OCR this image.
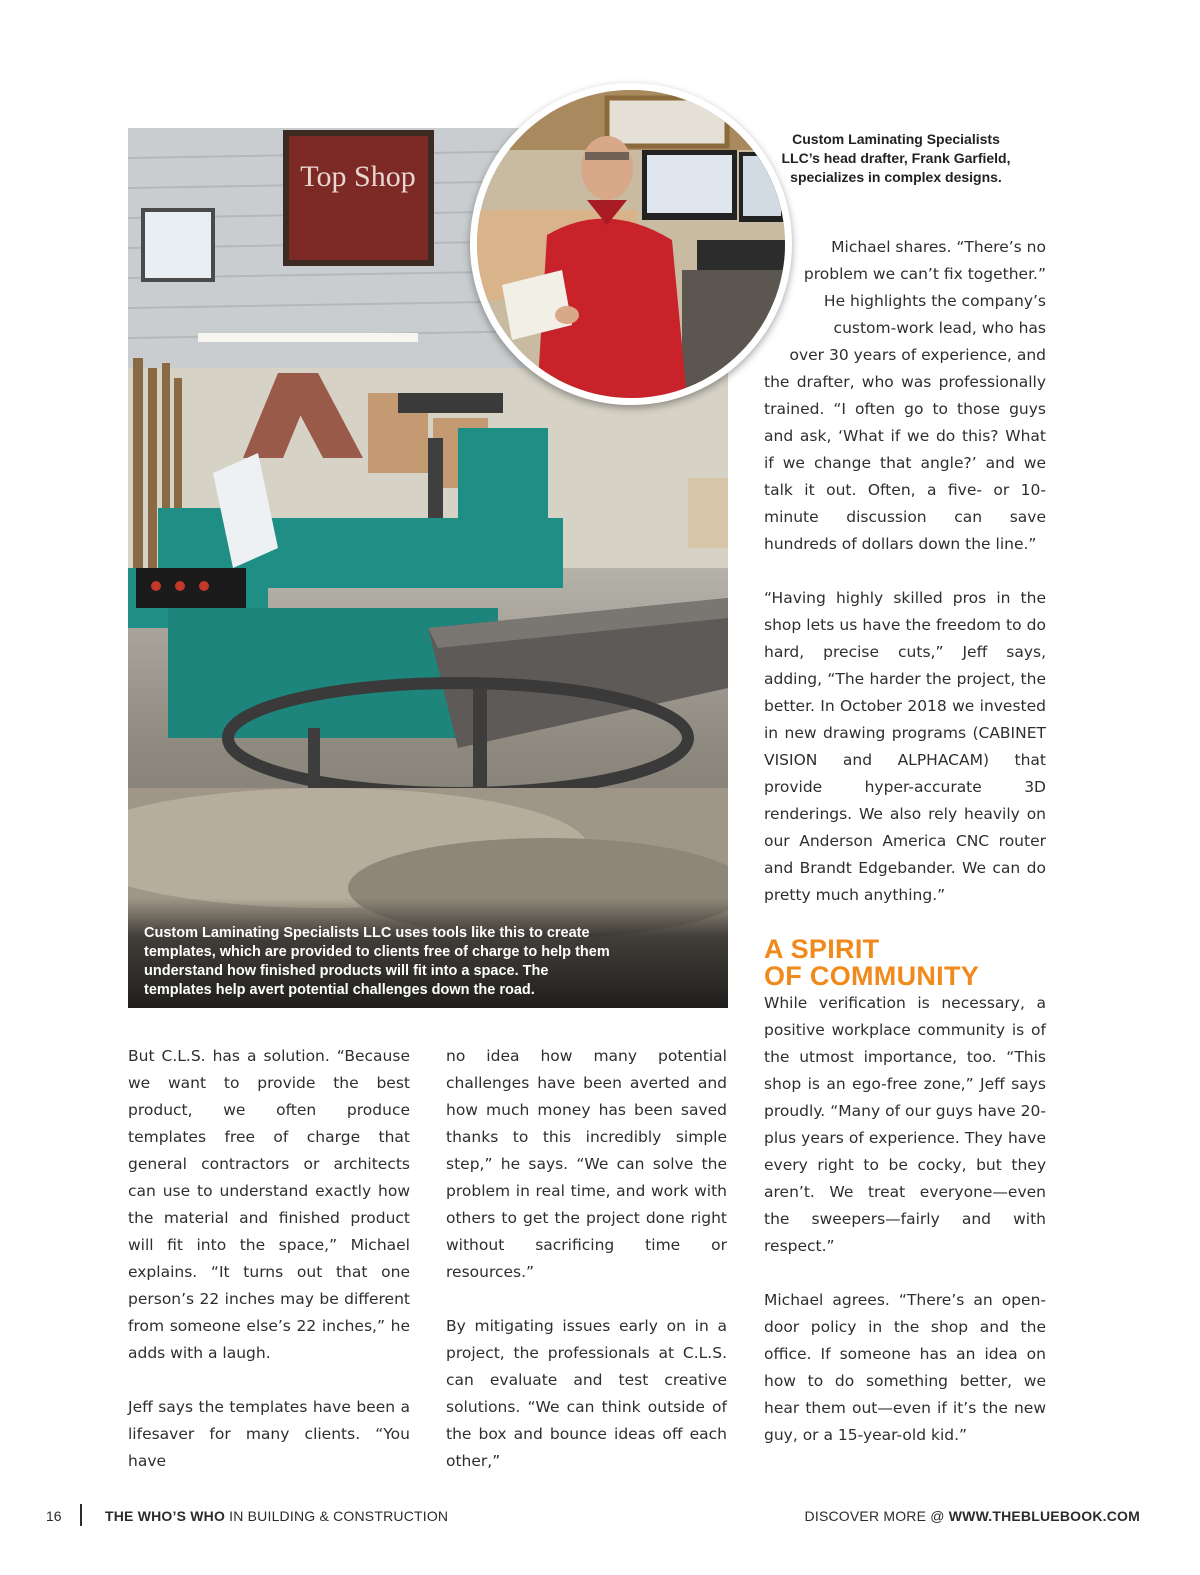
Top Shop
Custom Laminating Specialists LLC uses tools like this to create templates, which are provided to clients free of charge to help them understand how finished products will fit into a space. The templates help avert potential challenges down the road.
Custom Laminating Specialists LLC’s head drafter, Frank Garfield, specializes in complex designs.

But C.L.S. has a solution. “Because we want to provide the best product, we often produce templates free of charge that general contractors or architects can use to understand exactly how the material and finished product will fit into the space,” Michael explains. “It turns out that one person’s 22 inches may be different from someone else’s 22 inches,” he adds with a laugh.

Jeff says the templates have been a lifesaver for many clients. “You have

no idea how many potential challenges have been averted and how much money has been saved thanks to this incredibly simple step,” he says. “We can solve the problem in real time, and work with others to get the project done right without sacrificing time or resources.”

By mitigating issues early on in a project, the professionals at C.L.S. can evaluate and test creative solutions. “We can think outside of the box and bounce ideas off each other,”

Michael shares. “There’s no
problem we can’t fix together.”
He highlights the company’s
custom-work lead, who has
over 30 years of experience, and
the drafter, who was professionally trained. “I often go to those guys and ask, ‘What if we do this? What if we change that angle?’ and we talk it out. Often, a five- or 10-minute discussion can save hundreds of dollars down the line.”

“Having highly skilled pros in the shop lets us have the freedom to do hard, precise cuts,” Jeff says, adding, “The harder the project, the better. In October 2018 we invested in new drawing programs (CABINET VISION and ALPHACAM) that provide hyper-accurate 3D renderings. We also rely heavily on our Anderson America CNC router and Brandt Edgebander. We can do pretty much anything.”

A SPIRIT
OF COMMUNITY

While verification is necessary, a positive workplace community is of the utmost importance, too. “This shop is an ego-free zone,” Jeff says proudly. “Many of our guys have 20-plus years of experience. They have every right to be cocky, but they aren’t. We treat everyone—even the sweepers—fairly and with respect.”

Michael agrees. “There’s an open-door policy in the shop and the office. If someone has an idea on how to do something better, we hear them out—even if it’s the new guy, or a 15-year-old kid.”

16	THE WHO’S WHO IN BUILDING & CONSTRUCTION	DISCOVER MORE @ WWW.THEBLUEBOOK.COM
